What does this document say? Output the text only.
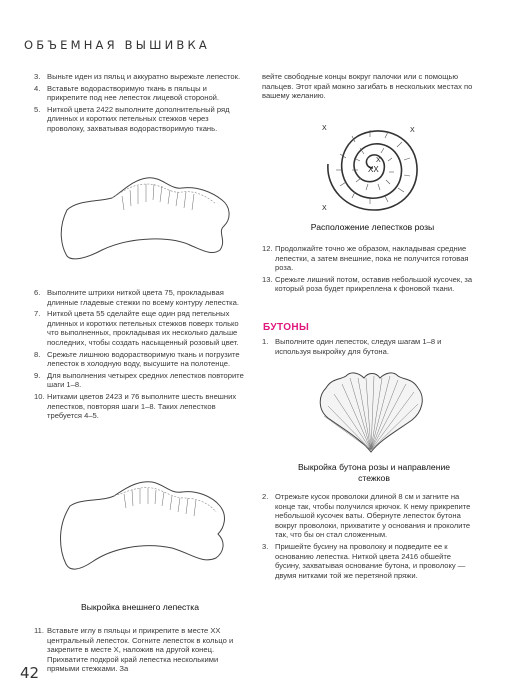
ОБЪЕМНАЯ ВЫШИВКА
3. Выньте иден из пяльц и аккуратно вырежьте лепесток.
4. Вставьте водорастворимую ткань в пяльцы и прикрепите под нее лепесток лицевой стороной.
5. Ниткой цвета 2422 выполните дополнительный ряд длинных и коротких петельных стежков через проволоку, захватывая водорастворимую ткань.
6. Выполните штрихи ниткой цвета 75, прокладывая длинные гладевые стежки по всему контуру лепестка.
7. Ниткой цвета 55 сделайте еще один ряд петельных длинных и коротких петельных стежков поверх только что выполненных, прокладывая их несколько дальше последних, чтобы создать насыщенный розовый цвет.
8. Срежьте лишнюю водорастворимую ткань и погрузите лепесток в холодную воду, высушите на полотенце.
9. Для выполнения четырех средних лепестков повторите шаги 1–8.
10. Нитками цветов 2423 и 76 выполните шесть внешних лепестков, повторяя шаги 1–8. Таких лепестков требуется 4–5.
Выкройка внешнего лепестка
11. Вставьте иглу в пяльцы и прикрепите в месте XX центральный лепесток. Согните лепесток в кольцо и закрепите в месте X, наложив на другой конец. Прихватите подкрой край лепестка несколькими прямыми стежками. За
вейте свободные концы вокруг палочки или с помощью пальцев. Этот край можно загибать в нескольких местах по вашему желанию.
XX
X
X	X
X
Расположение лепестков розы
12. Продолжайте точно же образом, накладывая средние лепестки, а затем внешние, пока не получится готовая роза.
13. Срежьте лишний потом, оставив небольшой кусочек, за который роза будет прикреплена к фоновой ткани.
БУТОНЫ
1. Выполните один лепесток, следуя шагам 1–8 и используя выкройку для бутона.
Выкройка бутона розы и направление стежков
2. Отрежьте кусок проволоки длиной 8 см и загните на конце так, чтобы получился крючок. К нему прикрепите небольшой кусочек ваты. Обернуте лепесток бутона вокруг проволоки, прихватите у основания и проколите так, что бы он стал сложенным.
3. Пришейте бусину на проволоку и подведите ее к основанию лепестка. Ниткой цвета 2416 обшейте бусину, захватывая основание бутона, и проволоку — двумя нитками той же перетяной пряжи.
42
